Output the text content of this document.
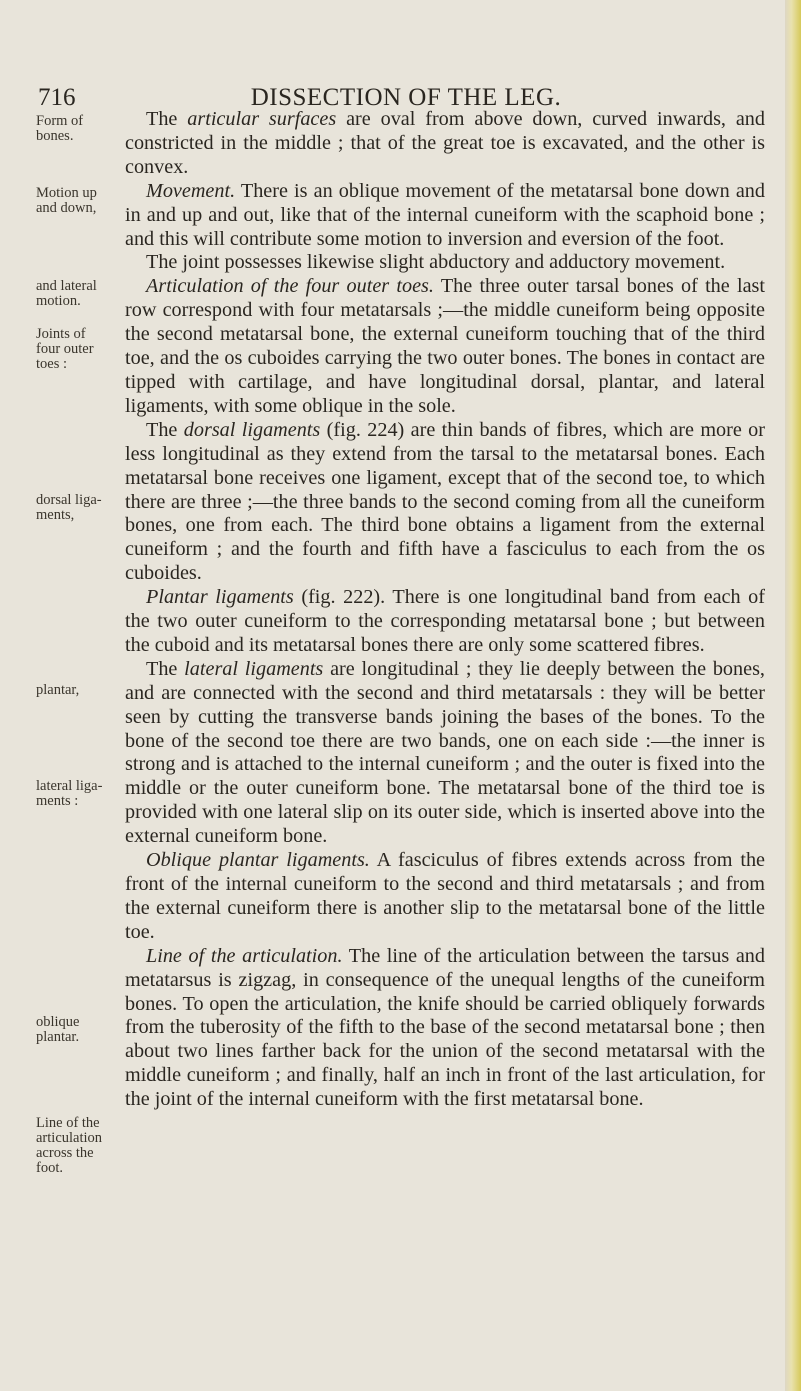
716	DISSECTION OF THE LEG.
Form of bones.
Motion up and down,
and lateral motion.
Joints of four outer toes :
dorsal liga-ments,
plantar,
lateral liga-ments :
oblique plantar.
Line of the articulation across the foot.

The articular surfaces are oval from above down, curved inwards, and constricted in the middle ; that of the great toe is excavated, and the other is convex.

Movement. There is an oblique movement of the metatarsal bone down and in and up and out, like that of the internal cuneiform with the scaphoid bone ; and this will contribute some motion to inversion and eversion of the foot.

The joint possesses likewise slight abductory and adductory movement.

Articulation of the four outer toes. The three outer tarsal bones of the last row correspond with four metatarsals ;—the middle cuneiform being opposite the second metatarsal bone, the external cuneiform touching that of the third toe, and the os cuboides carrying the two outer bones. The bones in contact are tipped with cartilage, and have longitudinal dorsal, plantar, and lateral ligaments, with some oblique in the sole.

The dorsal ligaments (fig. 224) are thin bands of fibres, which are more or less longitudinal as they extend from the tarsal to the metatarsal bones. Each metatarsal bone receives one ligament, except that of the second toe, to which there are three ;—the three bands to the second coming from all the cuneiform bones, one from each. The third bone obtains a ligament from the external cuneiform ; and the fourth and fifth have a fasciculus to each from the os cuboides.

Plantar ligaments (fig. 222). There is one longitudinal band from each of the two outer cuneiform to the corresponding metatarsal bone ; but between the cuboid and its metatarsal bones there are only some scattered fibres.

The lateral ligaments are longitudinal ; they lie deeply between the bones, and are connected with the second and third metatarsals : they will be better seen by cutting the transverse bands joining the bases of the bones. To the bone of the second toe there are two bands, one on each side :—the inner is strong and is attached to the internal cuneiform ; and the outer is fixed into the middle or the outer cuneiform bone. The metatarsal bone of the third toe is provided with one lateral slip on its outer side, which is inserted above into the external cuneiform bone.

Oblique plantar ligaments. A fasciculus of fibres extends across from the front of the internal cuneiform to the second and third metatarsals ; and from the external cuneiform there is another slip to the metatarsal bone of the little toe.

Line of the articulation. The line of the articulation between the tarsus and metatarsus is zigzag, in consequence of the unequal lengths of the cuneiform bones. To open the articulation, the knife should be carried obliquely forwards from the tuberosity of the fifth to the base of the second metatarsal bone ; then about two lines farther back for the union of the second metatarsal with the middle cuneiform ; and finally, half an inch in front of the last articulation, for the joint of the internal cuneiform with the first metatarsal bone.
